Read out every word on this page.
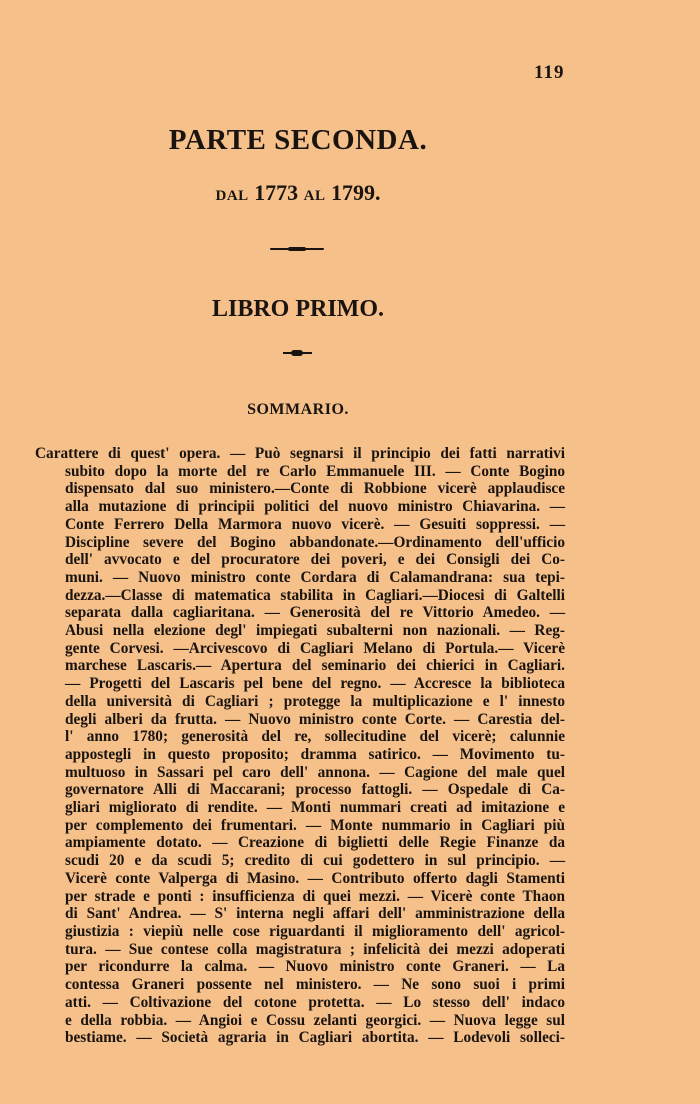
119
PARTE SECONDA.
DAL 1773 AL 1799.
LIBRO PRIMO.
SOMMARIO.
Carattere di quest' opera. — Può segnarsi il principio dei fatti narrativi
subito dopo la morte del re Carlo Emmanuele III. — Conte Bogino
dispensato dal suo ministero.—Conte di Robbione vicerè applaudisce
alla mutazione di principii politici del nuovo ministro Chiavarina. —
Conte Ferrero Della Marmora nuovo vicerè. — Gesuiti soppressi. —
Discipline severe del Bogino abbandonate.—Ordinamento dell'ufficio
dell' avvocato e del procuratore dei poveri, e dei Consigli dei Co-
muni. — Nuovo ministro conte Cordara di Calamandrana: sua tepi-
dezza.—Classe di matematica stabilita in Cagliari.—Diocesi di Galtelli
separata dalla cagliaritana. — Generosità del re Vittorio Amedeo. —
Abusi nella elezione degl' impiegati subalterni non nazionali. — Reg-
gente Corvesi. —Arcivescovo di Cagliari Melano di Portula.— Vicerè
marchese Lascaris.— Apertura del seminario dei chierici in Cagliari.
— Progetti del Lascaris pel bene del regno. — Accresce la biblioteca
della università di Cagliari ; protegge la multiplicazione e l' innesto
degli alberi da frutta. — Nuovo ministro conte Corte. — Carestia del-
l' anno 1780; generosità del re, sollecitudine del vicerè; calunnie
appostegli in questo proposito; dramma satirico. — Movimento tu-
multuoso in Sassari pel caro dell' annona. — Cagione del male quel
governatore Alli di Maccarani; processo fattogli. — Ospedale di Ca-
gliari migliorato di rendite. — Monti nummari creati ad imitazione e
per complemento dei frumentari. — Monte nummario in Cagliari più
ampiamente dotato. — Creazione di biglietti delle Regie Finanze da
scudi 20 e da scudi 5; credito di cui godettero in sul principio. —
Vicerè conte Valperga di Masino. — Contributo offerto dagli Stamenti
per strade e ponti : insufficienza di quei mezzi. — Vicerè conte Thaon
di Sant' Andrea. — S' interna negli affari dell' amministrazione della
giustizia : viepiù nelle cose riguardanti il miglioramento dell' agricol-
tura. — Sue contese colla magistratura ; infelicità dei mezzi adoperati
per ricondurre la calma. — Nuovo ministro conte Graneri. — La
contessa Graneri possente nel ministero. — Ne sono suoi i primi
atti. — Coltivazione del cotone protetta. — Lo stesso dell' indaco
e della robbia. — Angioi e Cossu zelanti georgici. — Nuova legge sul
bestiame. — Società agraria in Cagliari abortita. — Lodevoli solleci-
